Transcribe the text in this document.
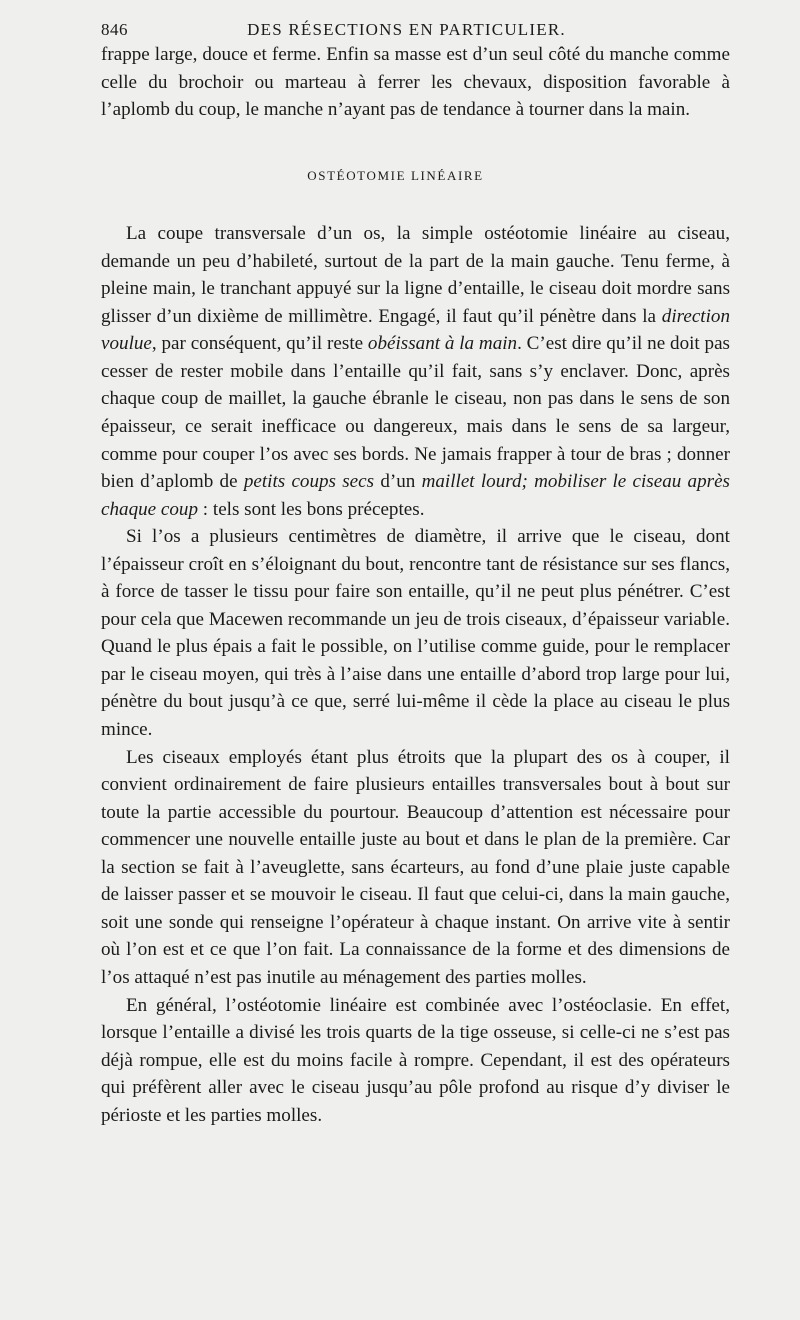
846	DES RÉSECTIONS EN PARTICULIER.

frappe large, douce et ferme. Enfin sa masse est d’un seul côté du manche comme celle du brochoir ou marteau à ferrer les chevaux, disposition favorable à l’aplomb du coup, le manche n’ayant pas de tendance à tourner dans la main.

OSTÉOTOMIE LINÉAIRE

La coupe transversale d’un os, la simple ostéotomie linéaire au ciseau, demande un peu d’habileté, surtout de la part de la main gauche. Tenu ferme, à pleine main, le tranchant appuyé sur la ligne d’entaille, le ciseau doit mordre sans glisser d’un dixième de millimètre. Engagé, il faut qu’il pénètre dans la direction voulue, par conséquent, qu’il reste obéissant à la main. C’est dire qu’il ne doit pas cesser de rester mobile dans l’entaille qu’il fait, sans s’y enclaver. Donc, après chaque coup de maillet, la gauche ébranle le ciseau, non pas dans le sens de son épaisseur, ce serait inefficace ou dangereux, mais dans le sens de sa largeur, comme pour couper l’os avec ses bords. Ne jamais frapper à tour de bras ; donner bien d’aplomb de petits coups secs d’un maillet lourd; mobiliser le ciseau après chaque coup : tels sont les bons préceptes.

Si l’os a plusieurs centimètres de diamètre, il arrive que le ciseau, dont l’épaisseur croît en s’éloignant du bout, rencontre tant de résistance sur ses flancs, à force de tasser le tissu pour faire son entaille, qu’il ne peut plus pénétrer. C’est pour cela que Macewen recommande un jeu de trois ciseaux, d’épaisseur variable. Quand le plus épais a fait le possible, on l’utilise comme guide, pour le remplacer par le ciseau moyen, qui très à l’aise dans une entaille d’abord trop large pour lui, pénètre du bout jusqu’à ce que, serré lui-même il cède la place au ciseau le plus mince.

Les ciseaux employés étant plus étroits que la plupart des os à couper, il convient ordinairement de faire plusieurs entailles transversales bout à bout sur toute la partie accessible du pourtour. Beaucoup d’attention est nécessaire pour commencer une nouvelle entaille juste au bout et dans le plan de la première. Car la section se fait à l’aveuglette, sans écarteurs, au fond d’une plaie juste capable de laisser passer et se mouvoir le ciseau. Il faut que celui-ci, dans la main gauche, soit une sonde qui renseigne l’opérateur à chaque instant. On arrive vite à sentir où l’on est et ce que l’on fait. La connaissance de la forme et des dimensions de l’os attaqué n’est pas inutile au ménagement des parties molles.

En général, l’ostéotomie linéaire est combinée avec l’ostéoclasie. En effet, lorsque l’entaille a divisé les trois quarts de la tige osseuse, si celle-ci ne s’est pas déjà rompue, elle est du moins facile à rompre. Cependant, il est des opérateurs qui préfèrent aller avec le ciseau jusqu’au pôle profond au risque d’y diviser le périoste et les parties molles.
